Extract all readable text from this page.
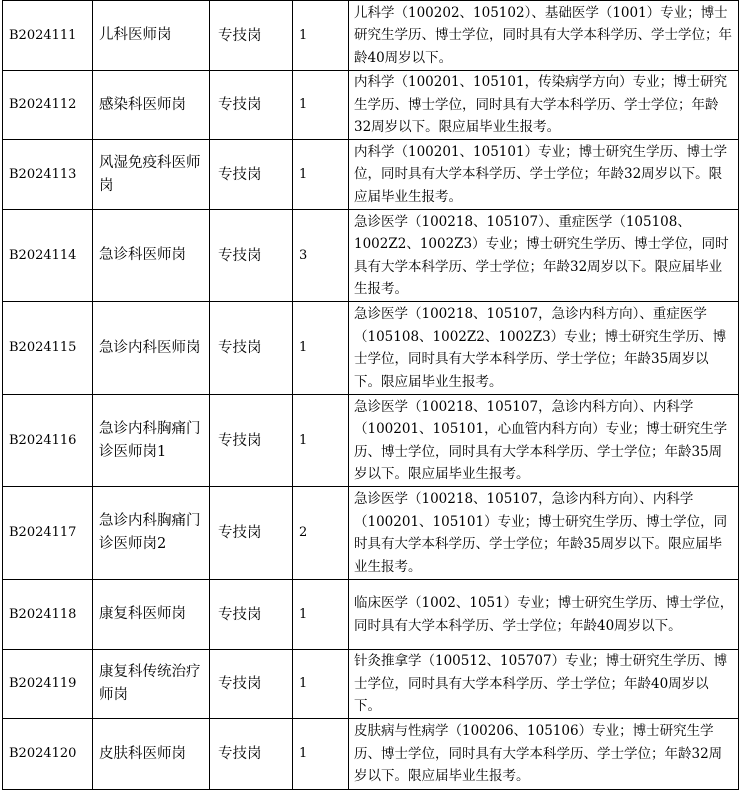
B2024111	儿科医师岗	专技岗	1	儿科学（100202、105102）、基础医学（1001）专业；博士研究生学历、博士学位，同时具有大学本科学历、学士学位；年龄40周岁以下。
B2024112	感染科医师岗	专技岗	1	内科学（100201、105101，传染病学方向）专业；博士研究生学历、博士学位，同时具有大学本科学历、学士学位；年龄32周岁以下。限应届毕业生报考。
B2024113	风湿免疫科医师岗	专技岗	1	内科学（100201、105101）专业；博士研究生学历、博士学位，同时具有大学本科学历、学士学位；年龄32周岁以下。限应届毕业生报考。
B2024114	急诊科医师岗	专技岗	3	急诊医学（100218、105107）、重症医学（105108、1002Z2、1002Z3）专业；博士研究生学历、博士学位，同时具有大学本科学历、学士学位；年龄32周岁以下。限应届毕业生报考。
B2024115	急诊内科医师岗	专技岗	1	急诊医学（100218、105107，急诊内科方向）、重症医学（105108、1002Z2、1002Z3）专业；博士研究生学历、博士学位，同时具有大学本科学历、学士学位；年龄35周岁以下。限应届毕业生报考。
B2024116	急诊内科胸痛门诊医师岗1	专技岗	1	急诊医学（100218、105107，急诊内科方向）、内科学（100201、105101，心血管内科方向）专业；博士研究生学历、博士学位，同时具有大学本科学历、学士学位；年龄35周岁以下。限应届毕业生报考。
B2024117	急诊内科胸痛门诊医师岗2	专技岗	2	急诊医学（100218、105107，急诊内科方向）、内科学（100201、105101）专业；博士研究生学历、博士学位，同时具有大学本科学历、学士学位；年龄35周岁以下。限应届毕业生报考。
B2024118	康复科医师岗	专技岗	1	临床医学（1002、1051）专业；博士研究生学历、博士学位，同时具有大学本科学历、学士学位；年龄40周岁以下。
B2024119	康复科传统治疗师岗	专技岗	1	针灸推拿学（100512、105707）专业；博士研究生学历、博士学位，同时具有大学本科学历、学士学位；年龄40周岁以下。
B2024120	皮肤科医师岗	专技岗	1	皮肤病与性病学（100206、105106）专业；博士研究生学历、博士学位，同时具有大学本科学历、学士学位；年龄32周岁以下。限应届毕业生报考。
